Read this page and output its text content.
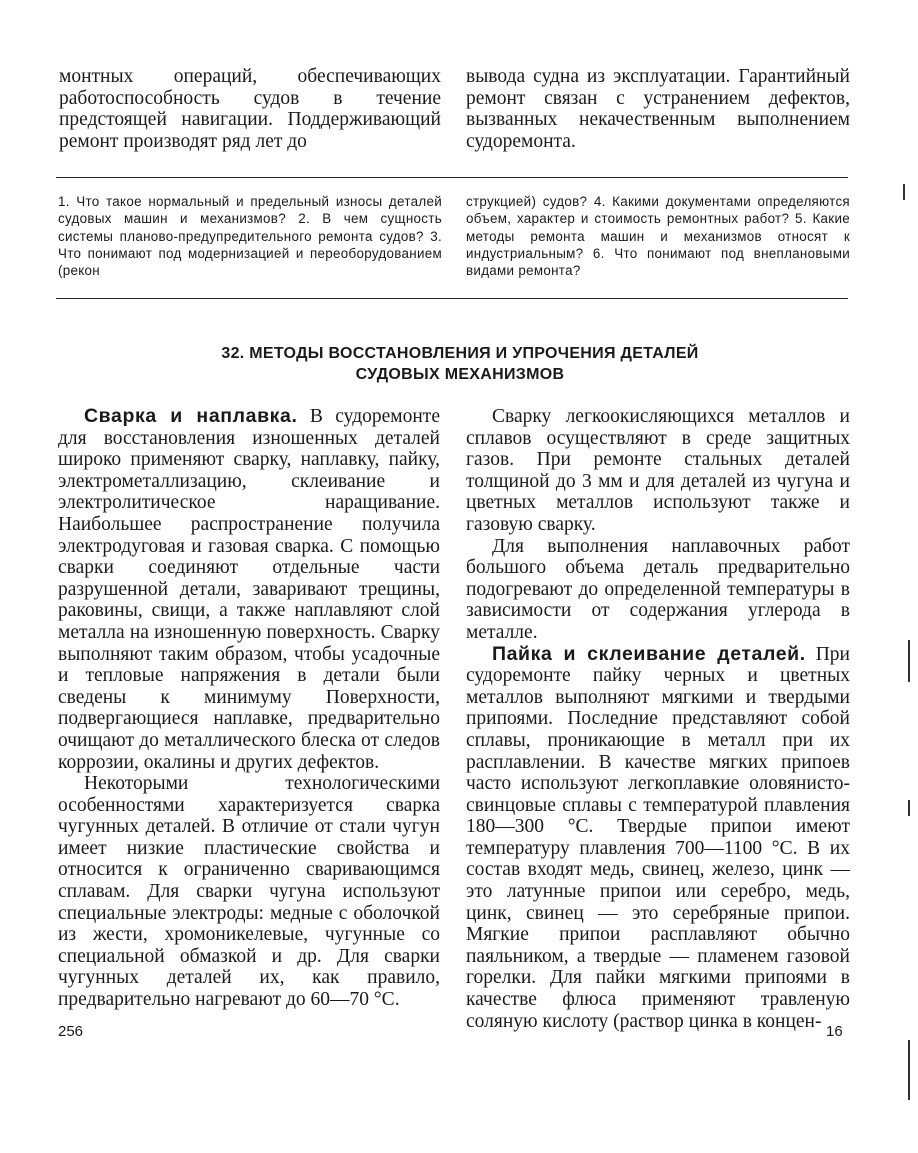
монтных операций, обеспечивающих работоспособность судов в течение предстоящей навигации. Поддерживающий ремонт производят ряд лет до

вывода судна из эксплуатации. Гарантийный ремонт связан с устранением дефектов, вызванных некачественным выполнением судоремонта.

1. Что такое нормальный и предельный износы деталей судовых машин и механизмов? 2. В чем сущность системы планово-предупредительного ремонта судов? 3. Что понимают под модернизацией и переоборудованием (рекон

струкцией) судов? 4. Какими документами определяются объем, характер и стоимость ремонтных работ? 5. Какие методы ремонта машин и механизмов относят к индустриальным? 6. Что понимают под внеплановыми видами ремонта?

32. МЕТОДЫ ВОССТАНОВЛЕНИЯ И УПРОЧЕНИЯ ДЕТАЛЕЙ
СУДОВЫХ МЕХАНИЗМОВ

Сварка и наплавка. В судоремонте для восстановления изношенных деталей широко применяют сварку, наплавку, пайку, электрометаллизацию, склеивание и электролитическое наращивание. Наибольшее распространение получила электродуговая и газовая сварка. С помощью сварки соединяют отдельные части разрушенной детали, заваривают трещины, раковины, свищи, а также наплавляют слой металла на изношенную поверхность. Сварку выполняют таким образом, чтобы усадочные и тепловые напряжения в детали были сведены к минимуму Поверхности, подвергающиеся наплавке, предварительно очищают до металлического блеска от следов коррозии, окалины и других дефектов.

Некоторыми технологическими особенностями характеризуется сварка чугунных деталей. В отличие от стали чугун имеет низкие пластические свойства и относится к ограниченно сваривающимся сплавам. Для сварки чугуна используют специальные электроды: медные с оболочкой из жести, хромоникелевые, чугунные со специальной обмазкой и др. Для сварки чугунных деталей их, как правило, предварительно нагревают до 60—70 °С.

Сварку легкоокисляющихся металлов и сплавов осуществляют в среде защитных газов. При ремонте стальных деталей толщиной до 3 мм и для деталей из чугуна и цветных металлов используют также и газовую сварку.

Для выполнения наплавочных работ большого объема деталь предварительно подогревают до определенной температуры в зависимости от содержания углерода в металле.

Пайка и склеивание деталей. При судоремонте пайку черных и цветных металлов выполняют мягкими и твердыми припоями. Последние представляют собой сплавы, проникающие в металл при их расплавлении. В качестве мягких припоев часто используют легкоплавкие оловянисто-свинцовые сплавы с температурой плавления 180—300 °С. Твердые припои имеют температуру плавления 700—1100 °С. В их состав входят медь, свинец, железо, цинк — это латунные припои или серебро, медь, цинк, свинец — это серебряные припои. Мягкие припои расплавляют обычно паяльником, а твердые — пламенем газовой горелки. Для пайки мягкими припоями в качестве флюса применяют травленую соляную кислоту (раствор цинка в концен-

256	16
